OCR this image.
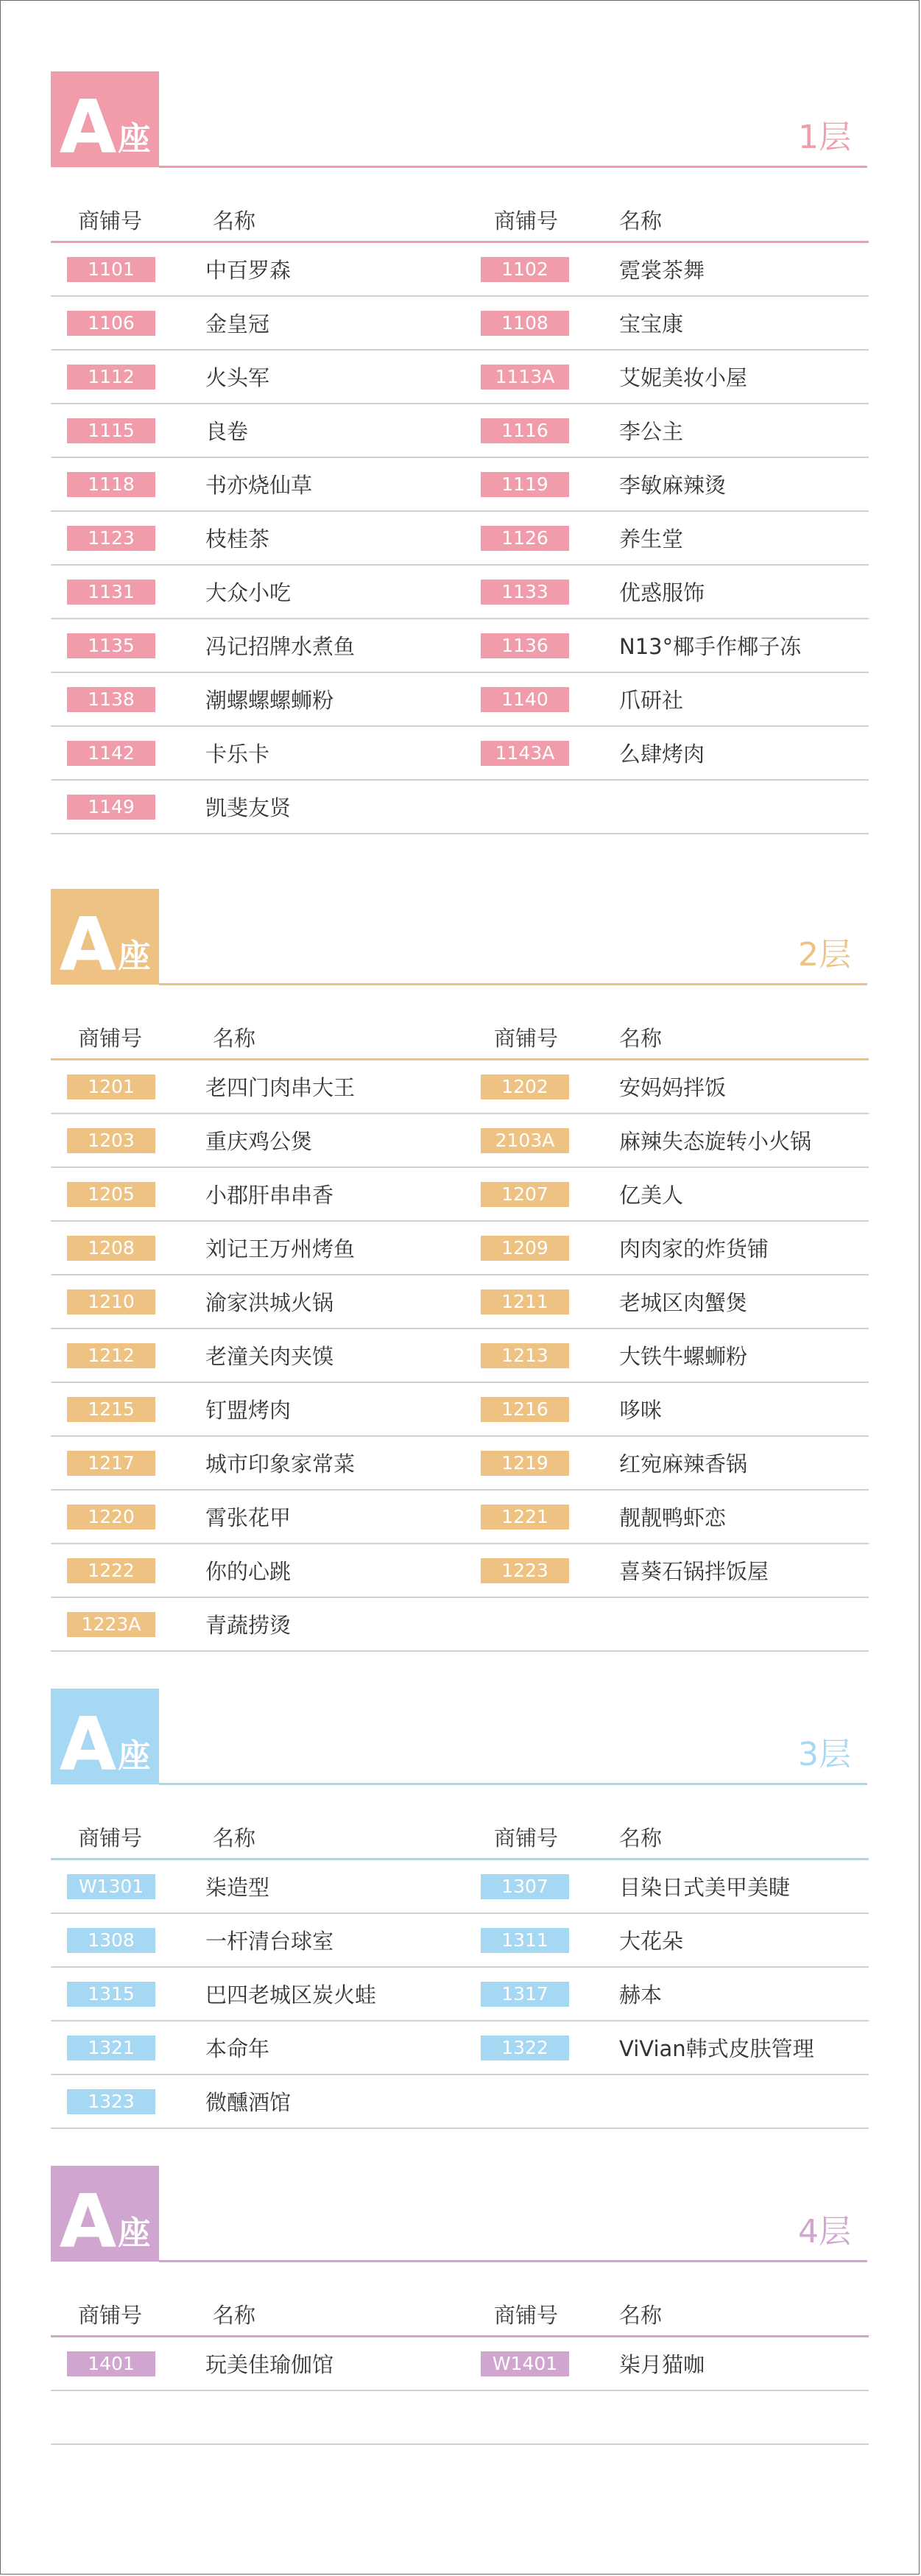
A 座	1层
商铺号	名称	商铺号	名称
1101	中百罗森	1102	霓裳茶舞
1106	金皇冠	1108	宝宝康
1112	火头军	1113A	艾妮美妆小屋
1115	良卷	1116	李公主
1118	书亦烧仙草	1119	李敏麻辣烫
1123	枝桂茶	1126	养生堂
1131	大众小吃	1133	优惑服饰
1135	冯记招牌水煮鱼	1136	N13°椰手作椰子冻
1138	潮螺螺螺蛳粉	1140	爪研社
1142	卡乐卡	1143A	么肆烤肉
1149	凯斐友贤
A 座	2层
商铺号	名称	商铺号	名称
1201	老四门肉串大王	1202	安妈妈拌饭
1203	重庆鸡公煲	2103A	麻辣失态旋转小火锅
1205	小郡肝串串香	1207	亿美人
1208	刘记王万州烤鱼	1209	肉肉家的炸货铺
1210	渝家洪城火锅	1211	老城区肉蟹煲
1212	老潼关肉夹馍	1213	大铁牛螺蛳粉
1215	钉盟烤肉	1216	哆咪
1217	城市印象家常菜	1219	红宛麻辣香锅
1220	霄张花甲	1221	靓靓鸭虾恋
1222	你的心跳	1223	喜葵石锅拌饭屋
1223A	青蔬捞烫
A 座	3层
商铺号	名称	商铺号	名称
W1301	柒造型	1307	目染日式美甲美睫
1308	一杆清台球室	1311	大花朵
1315	巴四老城区炭火蛙	1317	赫本
1321	本命年	1322	ViVian韩式皮肤管理
1323	微醺酒馆
A 座	4层
商铺号	名称	商铺号	名称
1401	玩美佳瑜伽馆	W1401	柒月猫咖
